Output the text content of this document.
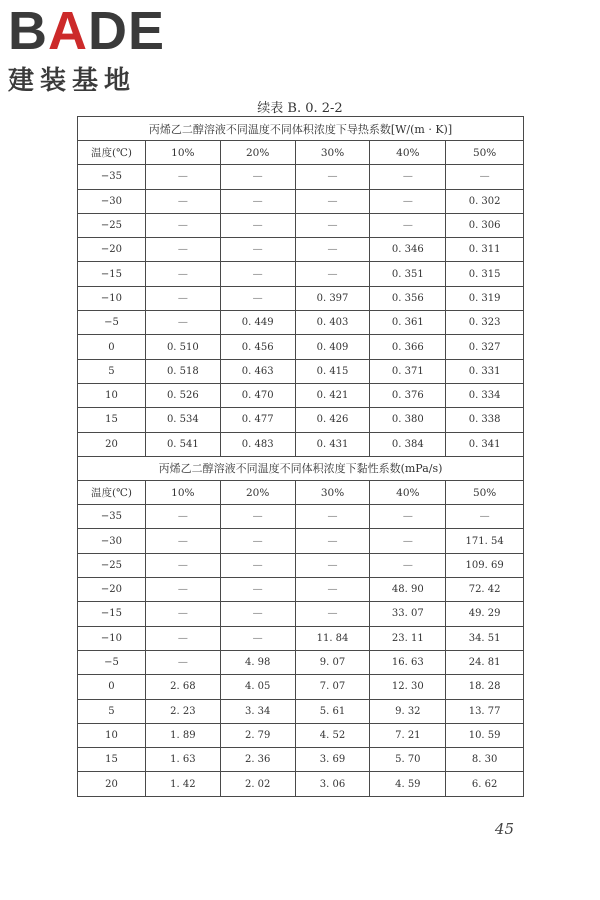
BADE
建装基地
续表 B. 0. 2-2
丙烯乙二醇溶液不同温度不同体积浓度下导热系数[W/(m · K)]					
温度(℃)	10%	20%	30%	40%	50%
−35	—	—	—	—	—
−30	—	—	—	—	0. 302
−25	—	—	—	—	0. 306
−20	—	—	—	0. 346	0. 311
−15	—	—	—	0. 351	0. 315
−10	—	—	0. 397	0. 356	0. 319
−5	—	0. 449	0. 403	0. 361	0. 323
0	0. 510	0. 456	0. 409	0. 366	0. 327
5	0. 518	0. 463	0. 415	0. 371	0. 331
10	0. 526	0. 470	0. 421	0. 376	0. 334
15	0. 534	0. 477	0. 426	0. 380	0. 338
20	0. 541	0. 483	0. 431	0. 384	0. 341
丙烯乙二醇溶液不同温度不同体积浓度下黏性系数(mPa/s)					
温度(℃)	10%	20%	30%	40%	50%
−35	—	—	—	—	—
−30	—	—	—	—	171. 54
−25	—	—	—	—	109. 69
−20	—	—	—	48. 90	72. 42
−15	—	—	—	33. 07	49. 29
−10	—	—	11. 84	23. 11	34. 51
−5	—	4. 98	9. 07	16. 63	24. 81
0	2. 68	4. 05	7. 07	12. 30	18. 28
5	2. 23	3. 34	5. 61	9. 32	13. 77
10	1. 89	2. 79	4. 52	7. 21	10. 59
15	1. 63	2. 36	3. 69	5. 70	8. 30
20	1. 42	2. 02	3. 06	4. 59	6. 62
45
